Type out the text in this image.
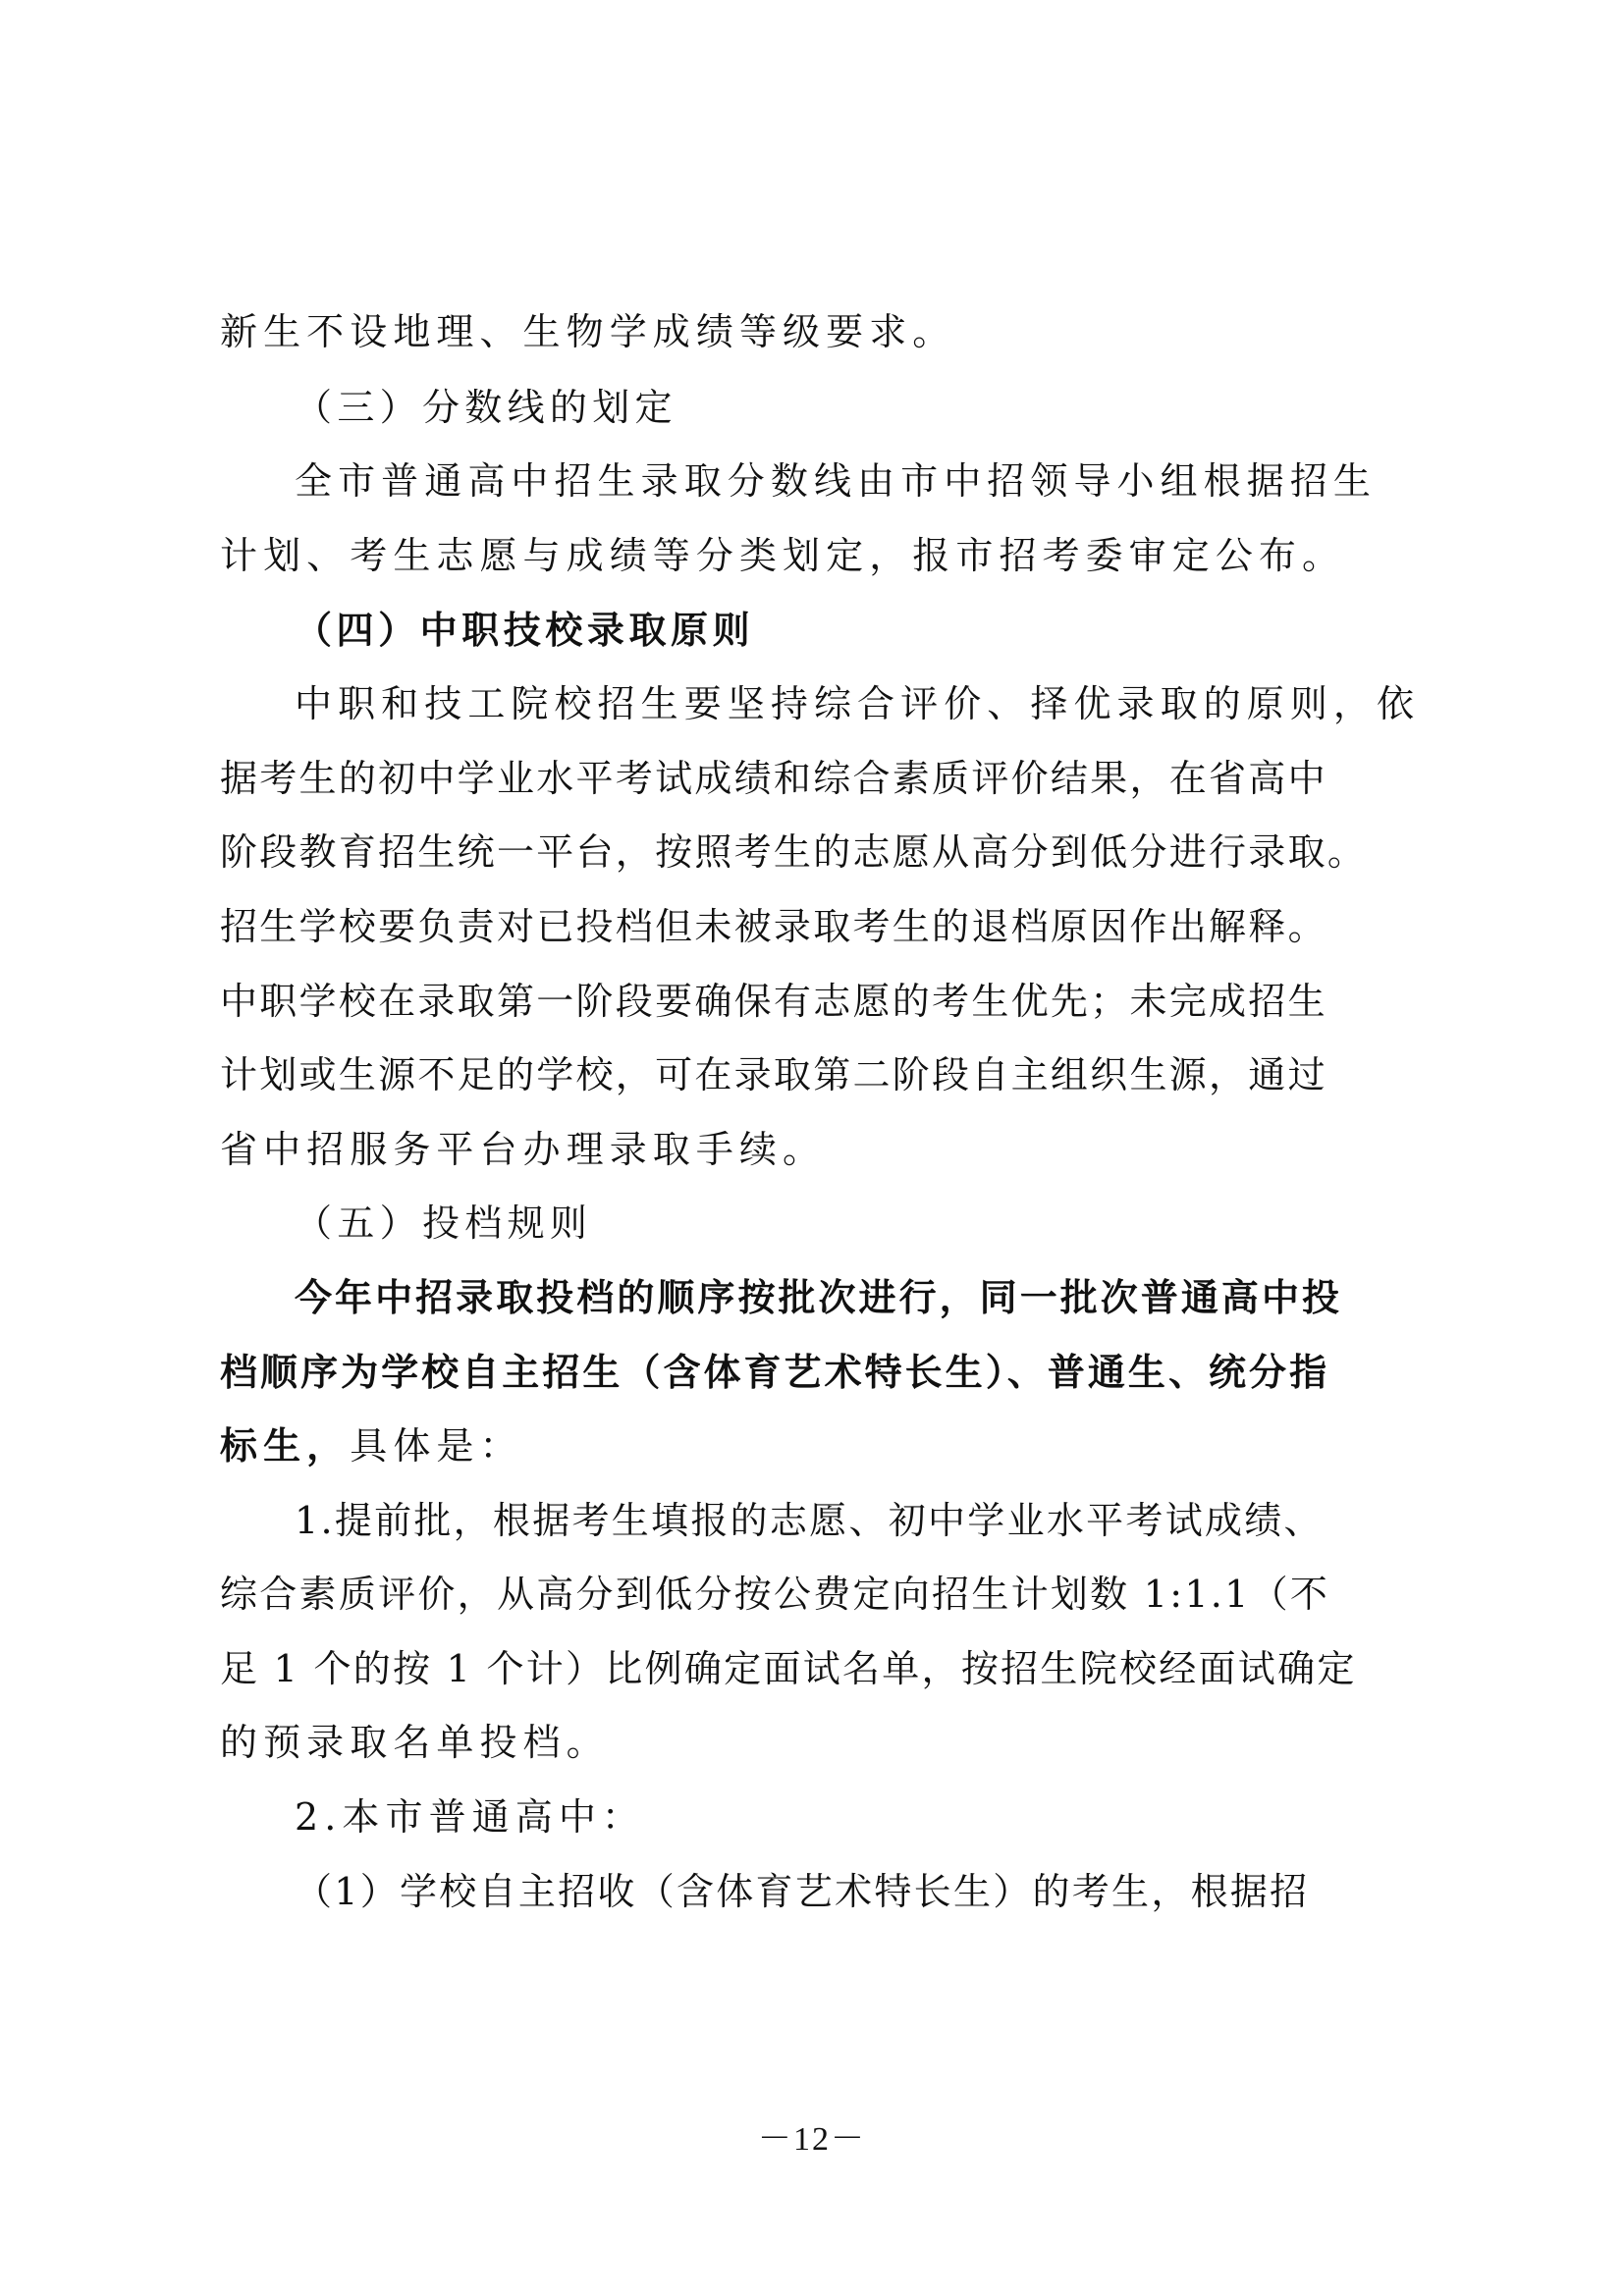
新生不设地理、生物学成绩等级要求。
（三）分数线的划定
全市普通高中招生录取分数线由市中招领导小组根据招生
计划、考生志愿与成绩等分类划定，报市招考委审定公布。
（四）中职技校录取原则
中职和技工院校招生要坚持综合评价、择优录取的原则，依
据考生的初中学业水平考试成绩和综合素质评价结果，在省高中
阶段教育招生统一平台，按照考生的志愿从高分到低分进行录取。
招生学校要负责对已投档但未被录取考生的退档原因作出解释。
中职学校在录取第一阶段要确保有志愿的考生优先；未完成招生
计划或生源不足的学校，可在录取第二阶段自主组织生源，通过
省中招服务平台办理录取手续。
（五）投档规则
今年中招录取投档的顺序按批次进行，同一批次普通高中投
档顺序为学校自主招生（含体育艺术特长生）、普通生、统分指
标生，具体是：
1.提前批，根据考生填报的志愿、初中学业水平考试成绩、
综合素质评价，从高分到低分按公费定向招生计划数 1:1.1（不
足 1 个的按 1 个计）比例确定面试名单，按招生院校经面试确定
的预录取名单投档。
2.本市普通高中：
（1）学校自主招收（含体育艺术特长生）的考生，根据招
－12－
